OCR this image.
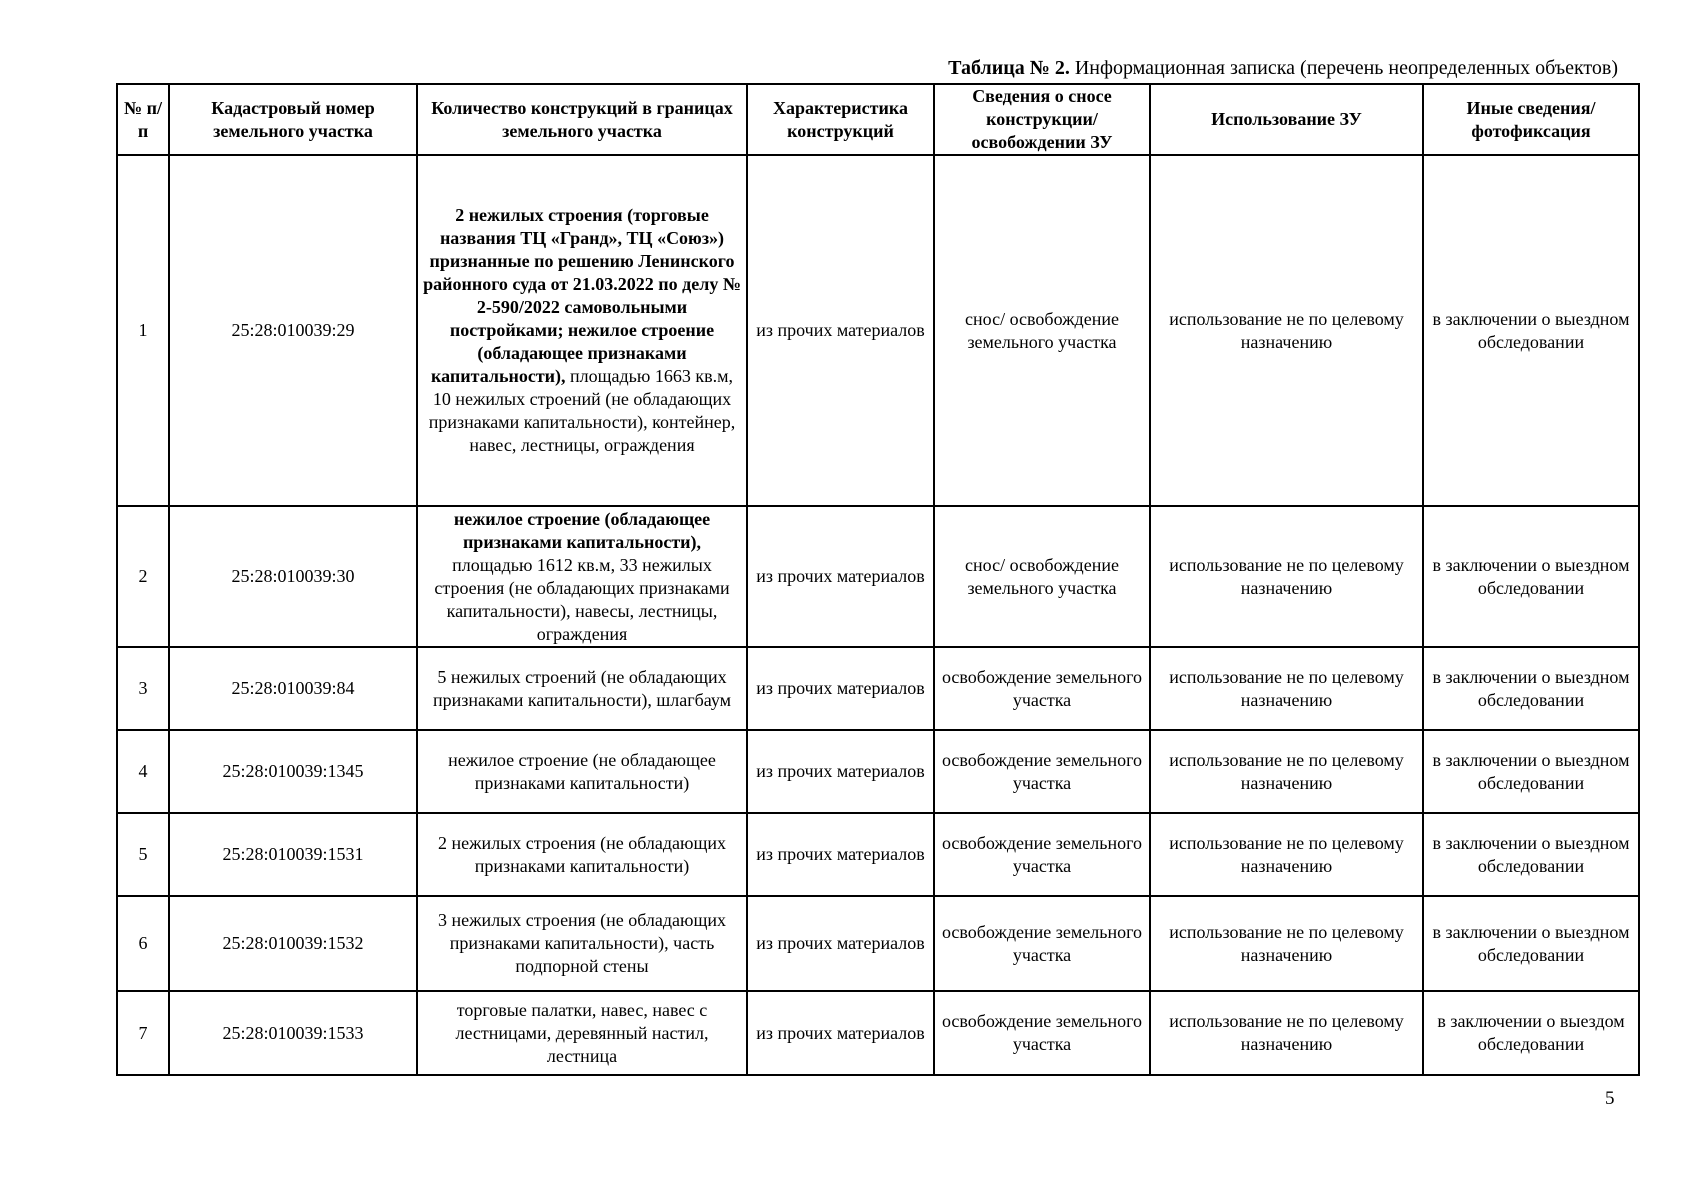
Таблица № 2. Информационная записка (перечень неопределенных объектов)
№ п/п	Кадастровый номер земельного участка	Количество конструкций в границах земельного участка	Характеристика конструкций	Сведения о сносе конструкции/ освобождении ЗУ	Использование ЗУ	Иные сведения/ фотофиксация
1	25:28:010039:29	2 нежилых строения (торговые названия ТЦ «Гранд», ТЦ «Союз») признанные по решению Ленинского районного суда от 21.03.2022 по делу № 2-590/2022 самовольными постройками; нежилое строение (обладающее признаками капитальности), площадью 1663 кв.м, 10 нежилых строений (не обладающих признаками капитальности), контейнер, навес, лестницы, ограждения	из прочих материалов	снос/ освобождение земельного участка	использование не по целевому назначению	в заключении о выездном обследовании
2	25:28:010039:30	нежилое строение (обладающее признаками капитальности), площадью 1612 кв.м, 33 нежилых строения (не обладающих признаками капитальности), навесы, лестницы, ограждения	из прочих материалов	снос/ освобождение земельного участка	использование не по целевому назначению	в заключении о выездном обследовании
3	25:28:010039:84	5 нежилых строений (не обладающих признаками капитальности), шлагбаум	из прочих материалов	освобождение земельного участка	использование не по целевому назначению	в заключении о выездном обследовании
4	25:28:010039:1345	нежилое строение (не обладающее признаками капитальности)	из прочих материалов	освобождение земельного участка	использование не по целевому назначению	в заключении о выездном обследовании
5	25:28:010039:1531	2 нежилых строения (не обладающих признаками капитальности)	из прочих материалов	освобождение земельного участка	использование не по целевому назначению	в заключении о выездном обследовании
6	25:28:010039:1532	3 нежилых строения (не обладающих признаками капитальности), часть подпорной стены	из прочих материалов	освобождение земельного участка	использование не по целевому назначению	в заключении о выездном обследовании
7	25:28:010039:1533	торговые палатки, навес, навес с лестницами, деревянный настил, лестница	из прочих материалов	освобождение земельного участка	использование не по целевому назначению	в заключении о выездом обследовании
5
